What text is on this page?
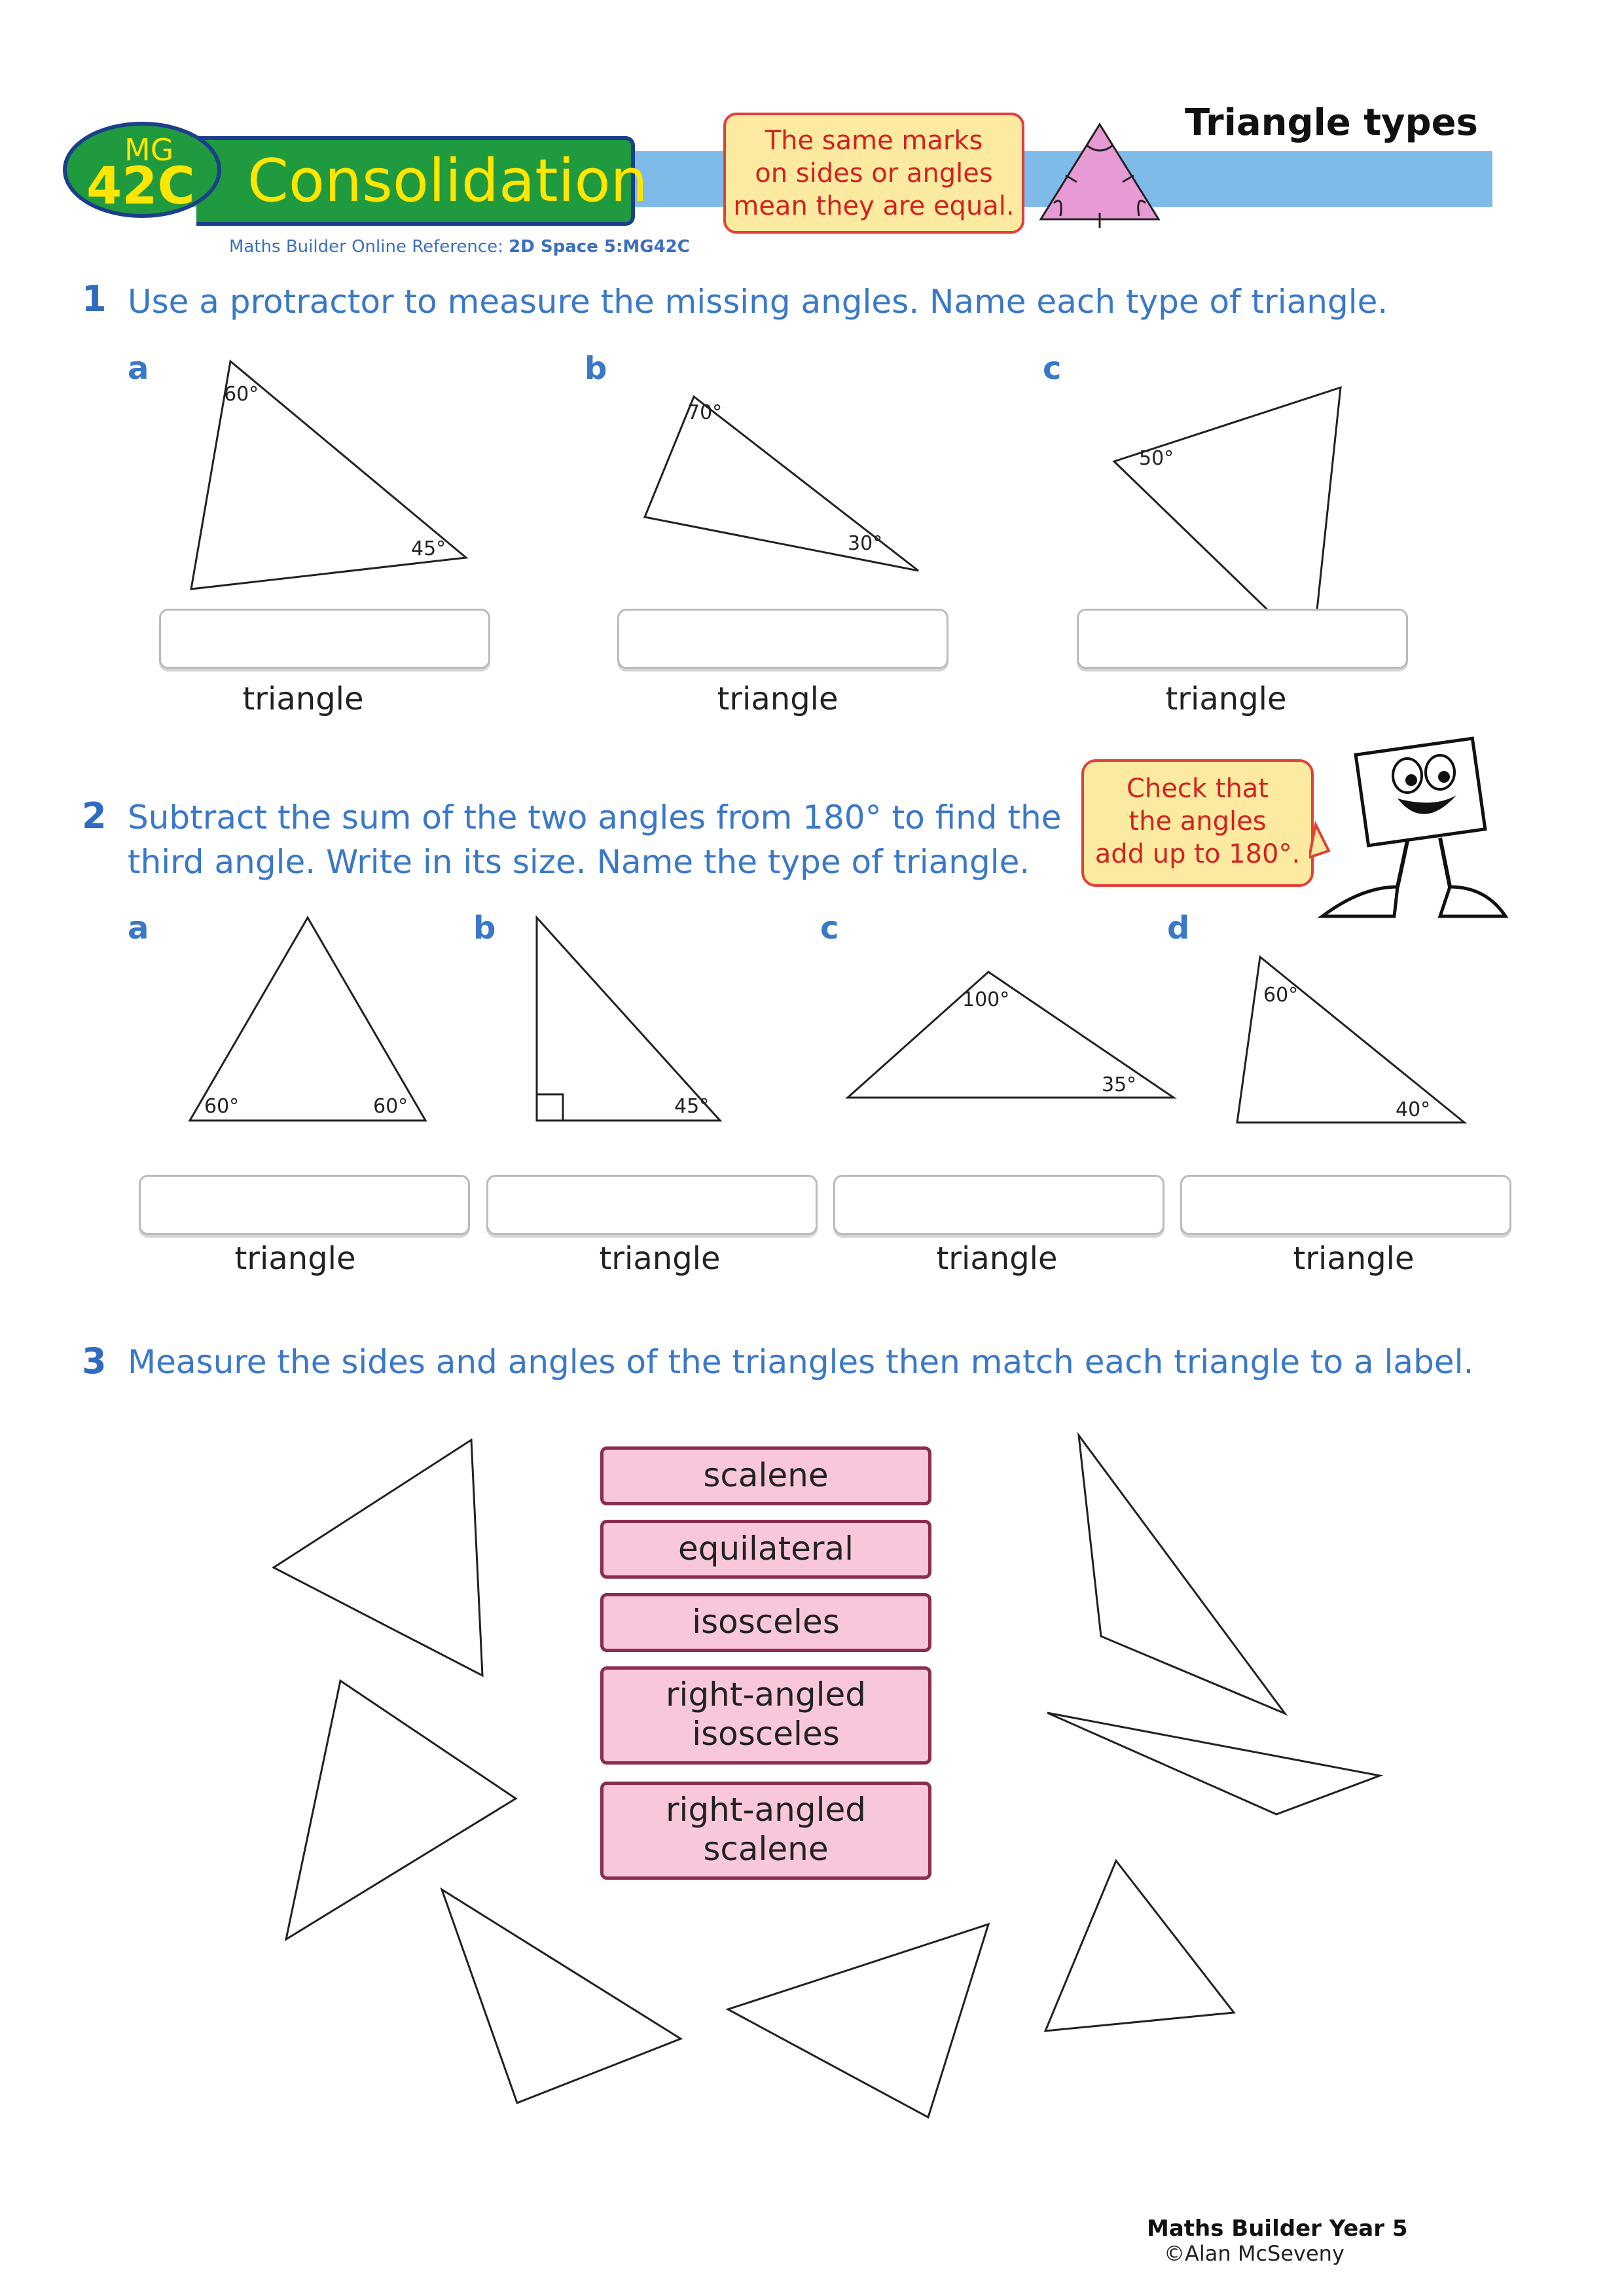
Consolidation
MG
42C
Maths Builder Online Reference: 2D Space 5:MG42C
The same marks
on sides or angles
mean they are equal.
Triangle types
1 Use a protractor to measure the missing angles. Name each type of triangle.
a
60°
45°
triangle
b
70°
30°
triangle
c
50°
triangle
2 Subtract the sum of the two angles from 180° to find the
third angle. Write in its size. Name the type of triangle.
Check that
the angles
add up to 180°.
a
60°	60°
triangle
b
45°
triangle
c
100°
35°
triangle
d
60°
40°
triangle
3 Measure the sides and angles of the triangles then match each triangle to a label.
scalene
equilateral
isosceles
right-angled
isosceles
right-angled
scalene
Maths Builder Year 5
©Alan McSeveny
